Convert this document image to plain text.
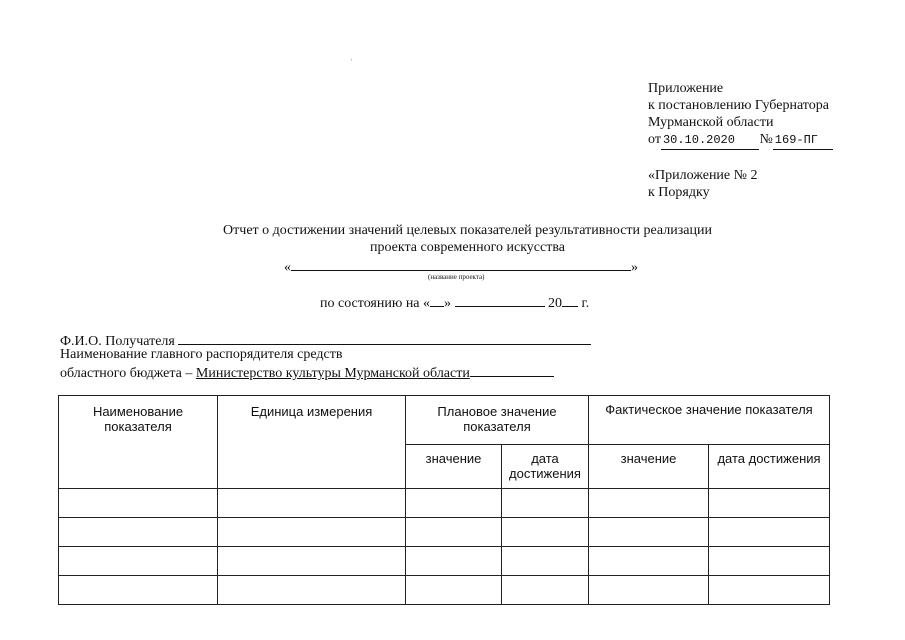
Приложение
к постановлению Губернатора
Мурманской области
от 30.10.2020 № 169-ПГ
«Приложение № 2
к Порядку
Отчет о достижении значений целевых показателей результативности реализации
проекта современного искусства
«	»
(название проекта)
по состоянию на « »	20 г.
Ф.И.О. Получателя
Наименование главного распорядителя средств
областного бюджета – Министерство культуры Мурманской области
Наименование показателя	Единица измерения	Плановое значение показателя		Фактическое значение показателя	
		значение	дата достижения	значение	дата достижения

'
